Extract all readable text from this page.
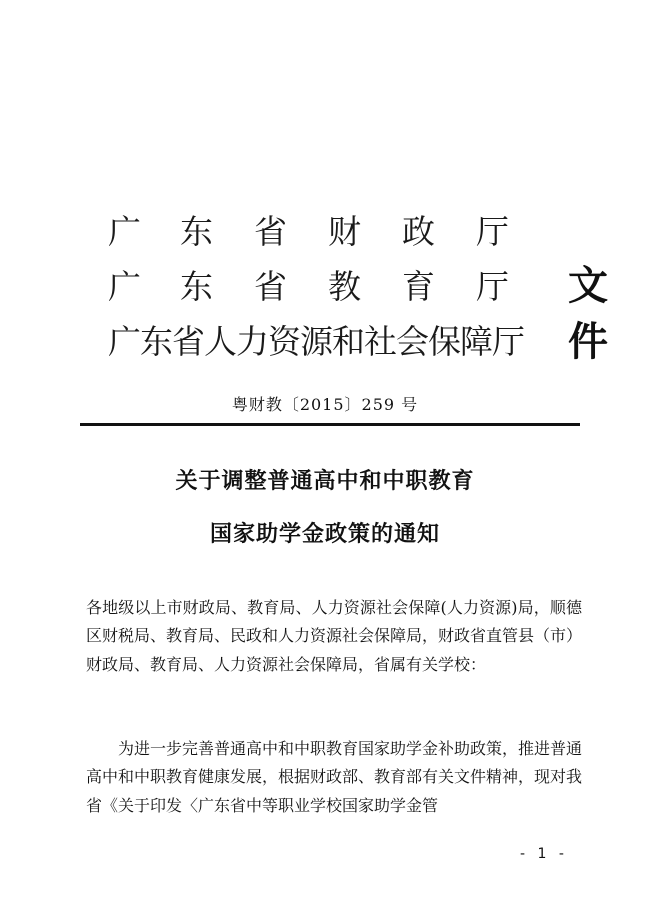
广 东 省 财 政 厅
广 东 省 教 育 厅
广东省人力资源和社会保障厅
文件
粤财教〔2015〕259 号
关于调整普通高中和中职教育
国家助学金政策的通知
各地级以上市财政局、教育局、人力资源社会保障(人力资源)局，顺德区财税局、教育局、民政和人力资源社会保障局，财政省直管县（市）财政局、教育局、人力资源社会保障局，省属有关学校：
为进一步完善普通高中和中职教育国家助学金补助政策，推进普通高中和中职教育健康发展，根据财政部、教育部有关文件精神，现对我省《关于印发〈广东省中等职业学校国家助学金管
- 1 -
